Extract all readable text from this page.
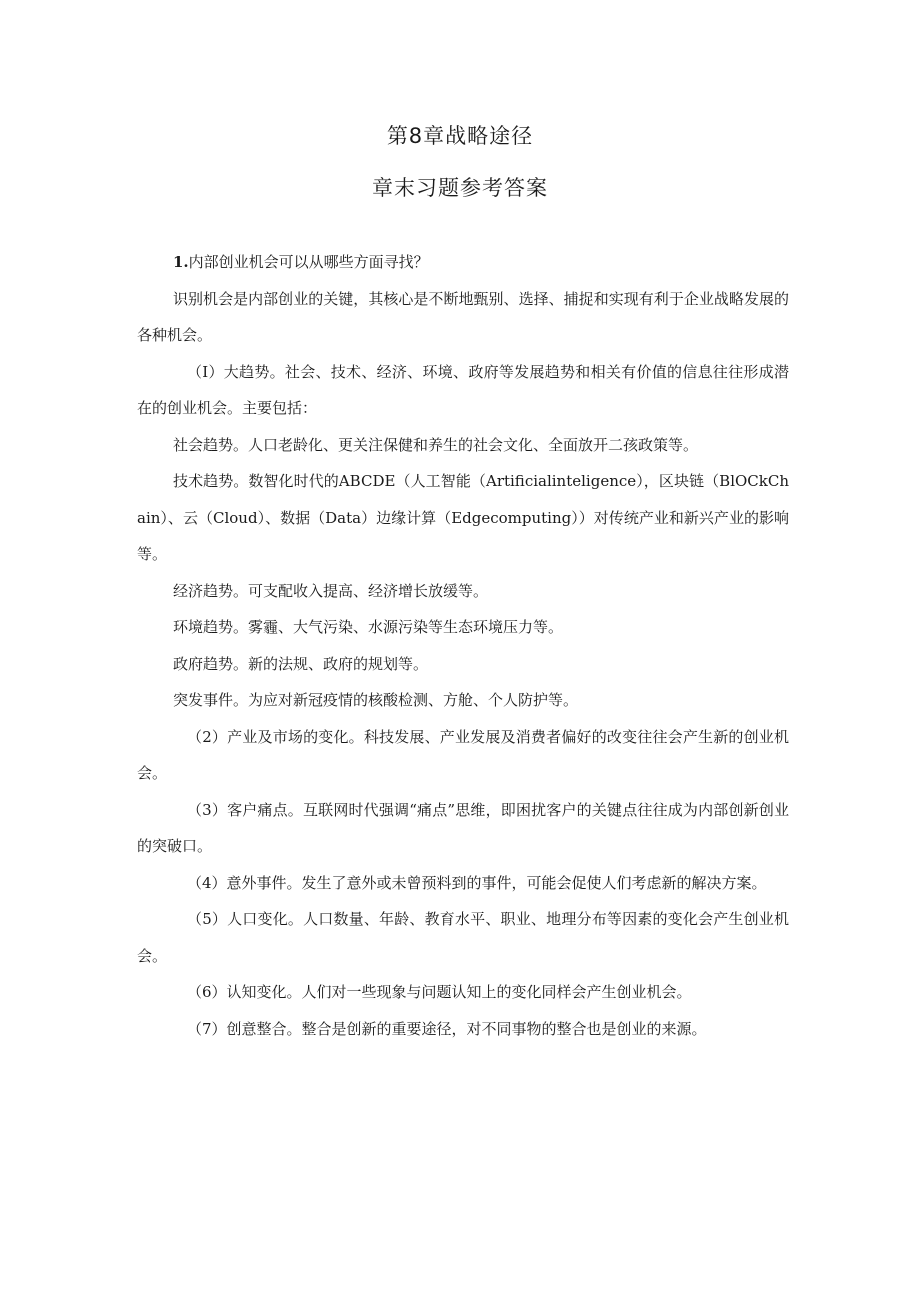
第8章战略途径
章末习题参考答案

1.内部创业机会可以从哪些方面寻找？

识别机会是内部创业的关键，其核心是不断地甄别、选择、捕捉和实现有利于企业战略发展的各种机会。

（I）大趋势。社会、技术、经济、环境、政府等发展趋势和相关有价值的信息往往形成潜在的创业机会。主要包括：

社会趋势。人口老龄化、更关注保健和养生的社会文化、全面放开二孩政策等。

技术趋势。数智化时代的ABCDE（人工智能（Artificialinteligence），区块链（BlOCkChain）、云（Cloud）、数据（Data）边缘计算（Edgecomputing））对传统产业和新兴产业的影响等。

经济趋势。可支配收入提高、经济增长放缓等。

环境趋势。雾霾、大气污染、水源污染等生态环境压力等。

政府趋势。新的法规、政府的规划等。

突发事件。为应对新冠疫情的核酸检测、方舱、个人防护等。

（2）产业及市场的变化。科技发展、产业发展及消费者偏好的改变往往会产生新的创业机会。

（3）客户痛点。互联网时代强调“痛点”思维，即困扰客户的关键点往往成为内部创新创业的突破口。

（4）意外事件。发生了意外或未曾预料到的事件，可能会促使人们考虑新的解决方案。

（5）人口变化。人口数量、年龄、教育水平、职业、地理分布等因素的变化会产生创业机会。

（6）认知变化。人们对一些现象与问题认知上的变化同样会产生创业机会。

（7）创意整合。整合是创新的重要途径，对不同事物的整合也是创业的来源。
